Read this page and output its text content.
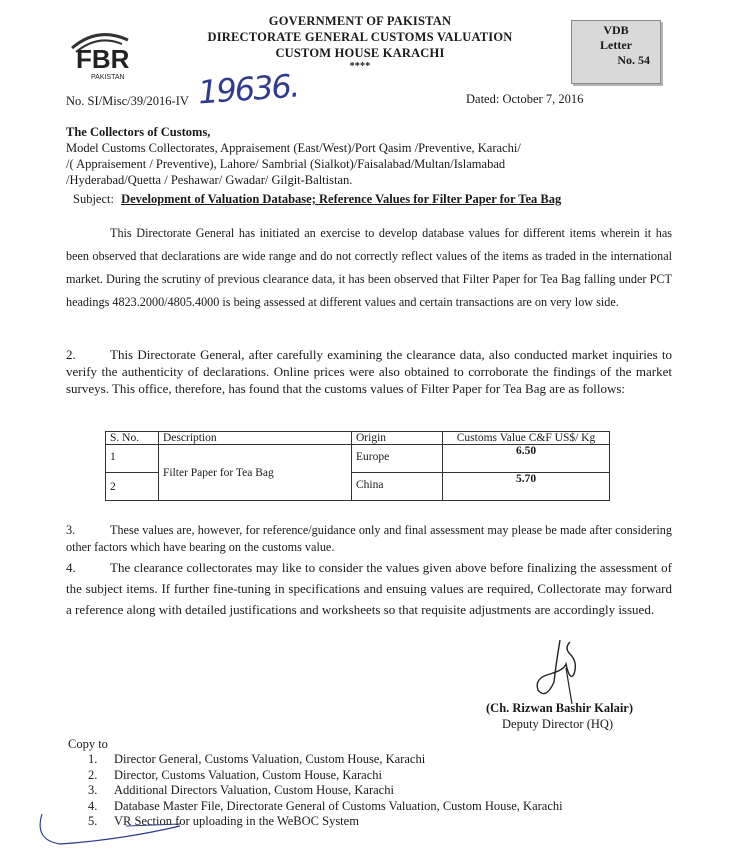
FBR
PAKISTAN
GOVERNMENT OF PAKISTAN
DIRECTORATE GENERAL CUSTOMS VALUATION
CUSTOM HOUSE KARACHI
****
VDB
Letter
No. 54
No. SI/Misc/39/2016-IV 19636.	Dated: October 7, 2016
The Collectors of Customs,
Model Customs Collectorates, Appraisement (East/West)/Port Qasim /Preventive, Karachi/
/( Appraisement / Preventive), Lahore/ Sambrial (Sialkot)/Faisalabad/Multan/Islamabad
/Hyderabad/Quetta / Peshawar/ Gwadar/ Gilgit-Baltistan.
Subject: Development of Valuation Database; Reference Values for Filter Paper for Tea Bag
This Directorate General has initiated an exercise to develop database values for different items wherein it has been observed that declarations are wide range and do not correctly reflect values of the items as traded in the international market. During the scrutiny of previous clearance data, it has been observed that Filter Paper for Tea Bag falling under PCT headings 4823.2000/4805.4000 is being assessed at different values and certain transactions are on very low side.
2.	This Directorate General, after carefully examining the clearance data, also conducted market inquiries to verify the authenticity of declarations. Online prices were also obtained to corroborate the findings of the market surveys. This office, therefore, has found that the customs values of Filter Paper for Tea Bag are as follows:
S. No.	Description	Origin	Customs Value C&F US$/ Kg
1	Filter Paper for Tea Bag	Europe	6.50
2		China	5.70
3.	These values are, however, for reference/guidance only and final assessment may please be made after considering other factors which have bearing on the customs value.
4.	The clearance collectorates may like to consider the values given above before finalizing the assessment of the subject items. If further fine-tuning in specifications and ensuing values are required, Collectorate may forward a reference along with detailed justifications and worksheets so that requisite adjustments are accordingly issued.
(Ch. Rizwan Bashir Kalair)
Deputy Director (HQ)
Copy to
1. Director General, Customs Valuation, Custom House, Karachi
2. Director, Customs Valuation, Custom House, Karachi
3. Additional Directors Valuation, Custom House, Karachi
4. Database Master File, Directorate General of Customs Valuation, Custom House, Karachi
5. VR Section for uploading in the WeBOC System
